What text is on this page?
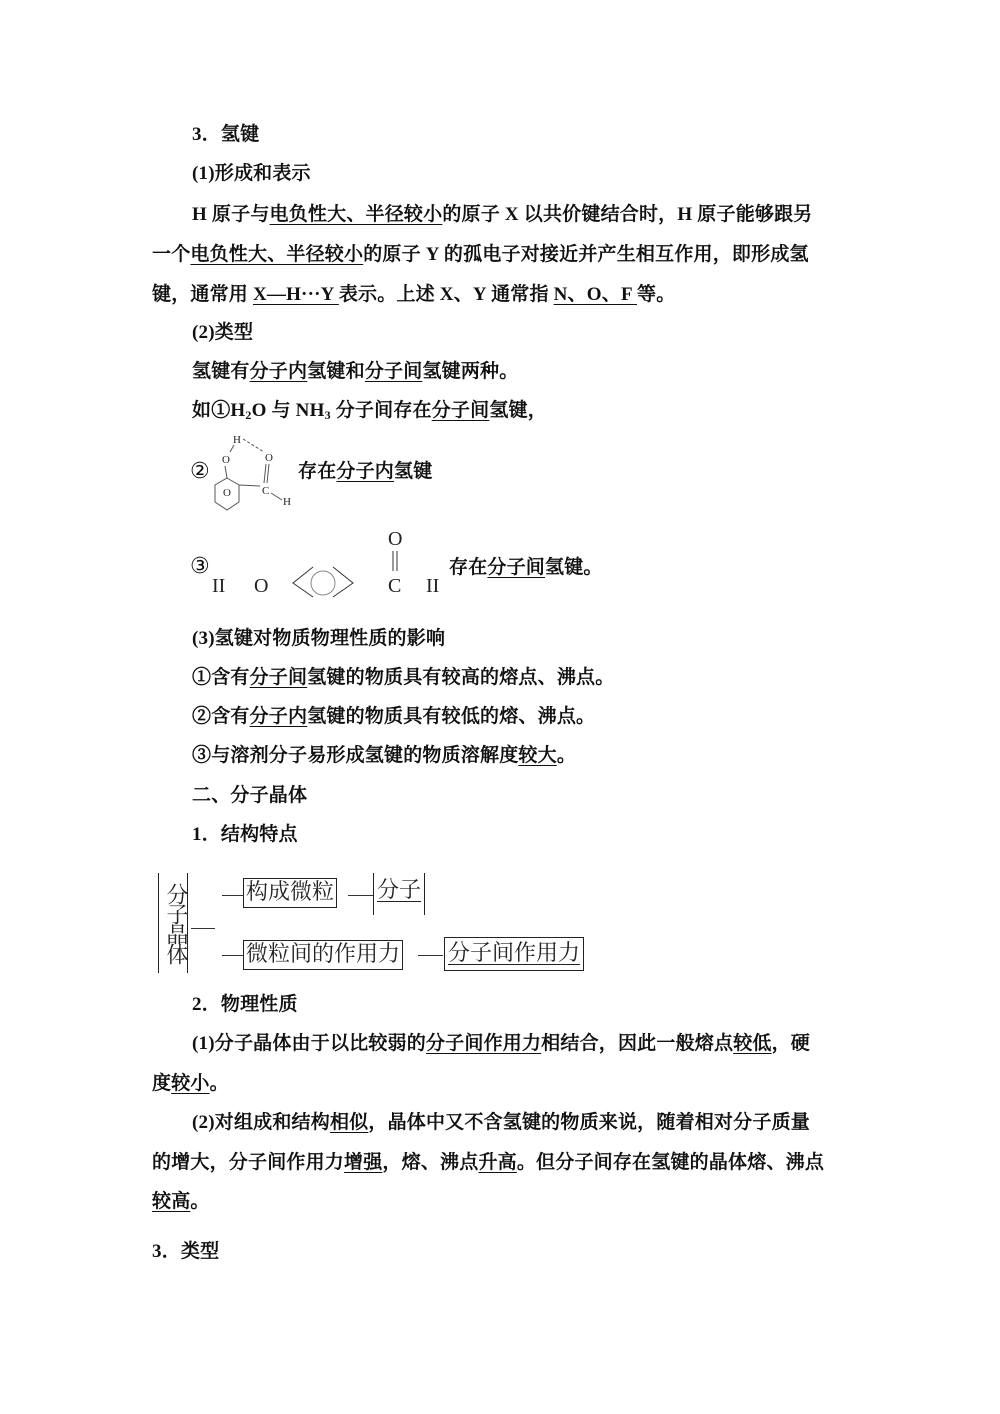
3．氢键
(1)形成和表示
H 原子与电负性大、半径较小的原子 X 以共价键结合时，H 原子能够跟另
一个电负性大、半径较小的原子 Y 的孤电子对接近并产生相互作用，即形成氢
键，通常用 X—H···Y 表示。上述 X、Y 通常指 N、O、F 等。
(2)类型
氢键有分子内氢键和分子间氢键两种。
如$①H_2O$ 与 $NH_3$ 分子间存在分子间氢键，
②
H
O	O
O	C
H
存在分子内氢键
③
II O
O
C II
存在分子间氢键。
(3)氢键对物质物理性质的影响
①含有分子间氢键的物质具有较高的熔点、沸点。
②含有分子内氢键的物质具有较低的熔、沸点。
③与溶剂分子易形成氢键的物质溶解度较大。
二、分子晶体
1．结构特点
分子晶体	构成微粒 分子
微粒间的作用力 分子间作用力
2．物理性质
(1)分子晶体由于以比较弱的分子间作用力相结合，因此一般熔点较低，硬
度较小。
(2)对组成和结构相似，晶体中又不含氢键的物质来说，随着相对分子质量
的增大，分子间作用力增强，熔、沸点升高。但分子间存在氢键的晶体熔、沸点
较高。
3．类型
